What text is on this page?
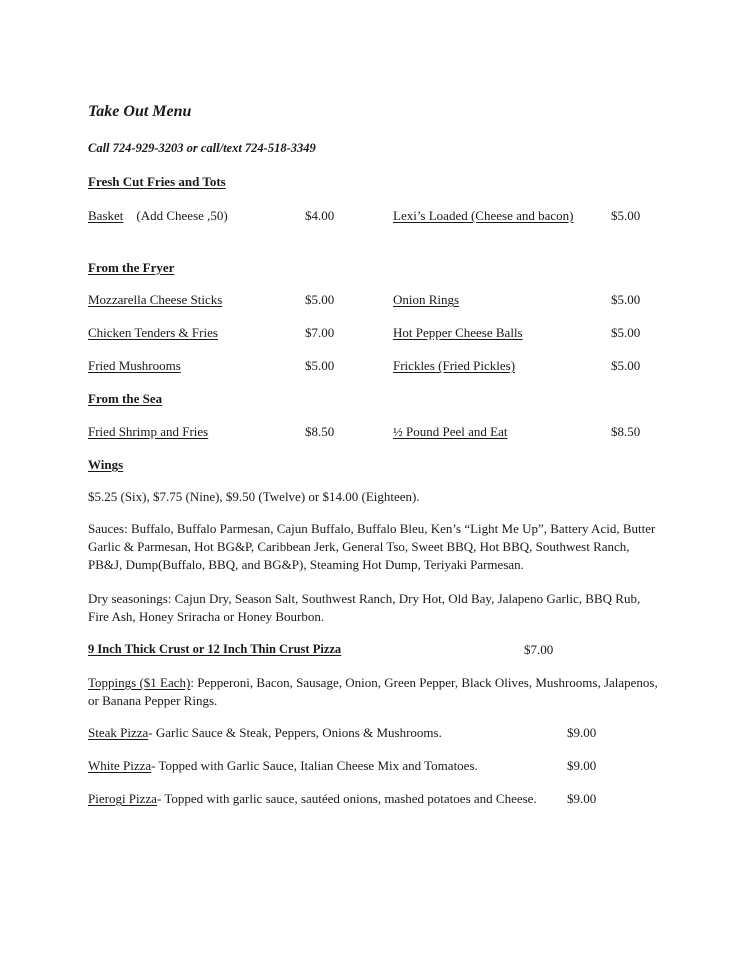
Take Out Menu
Call 724-929-3203 or call/text 724-518-3349
Fresh Cut Fries and Tots
Basket (Add Cheese ,50)	$4.00	Lexi’s Loaded (Cheese and bacon)	$5.00
From the Fryer
Mozzarella Cheese Sticks	$5.00	Onion Rings	$5.00
Chicken Tenders & Fries	$7.00	Hot Pepper Cheese Balls	$5.00
Fried Mushrooms	$5.00	Frickles (Fried Pickles)	$5.00
From the Sea
Fried Shrimp and Fries	$8.50	½ Pound Peel and Eat	$8.50
Wings
$5.25 (Six), $7.75 (Nine), $9.50 (Twelve) or $14.00 (Eighteen).
Sauces: Buffalo, Buffalo Parmesan, Cajun Buffalo, Buffalo Bleu, Ken’s “Light Me Up”, Battery Acid, Butter Garlic & Parmesan, Hot BG&P, Caribbean Jerk, General Tso, Sweet BBQ, Hot BBQ, Southwest Ranch, PB&J, Dump(Buffalo, BBQ, and BG&P), Steaming Hot Dump, Teriyaki Parmesan.
Dry seasonings: Cajun Dry, Season Salt, Southwest Ranch, Dry Hot, Old Bay, Jalapeno Garlic, BBQ Rub, Fire Ash, Honey Sriracha or Honey Bourbon.
9 Inch Thick Crust or 12 Inch Thin Crust Pizza	$7.00
Toppings ($1 Each): Pepperoni, Bacon, Sausage, Onion, Green Pepper, Black Olives, Mushrooms, Jalapenos, or Banana Pepper Rings.
Steak Pizza- Garlic Sauce & Steak, Peppers, Onions & Mushrooms.	$9.00
White Pizza- Topped with Garlic Sauce, Italian Cheese Mix and Tomatoes.	$9.00
Pierogi Pizza- Topped with garlic sauce, sautéed onions, mashed potatoes and Cheese. $9.00
